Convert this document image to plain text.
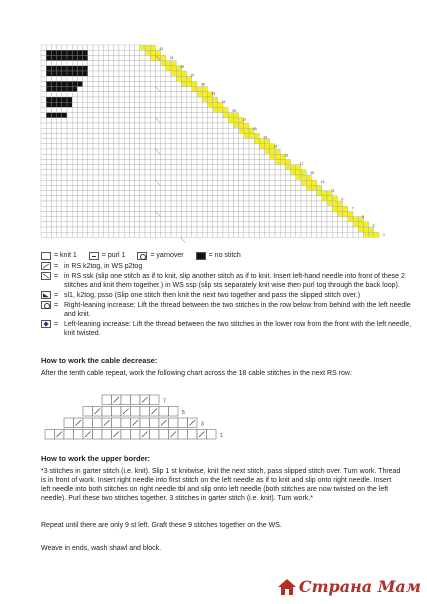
43
41
39
37
35
33
31
29
27
25
23
21
19
17
15
13
11
9
7
5
3
1
=
knit 1	=
purl 1	=
yarnover	=
no stitch
= in RS k2tog, in WS p2tog
= in RS ssk (slip one stitch as if to knit, slip another stitch as if to knit. Insert left-hand needle into front of these 2 stitches and knit them together.) in WS ssp (slip sts separately knit wise then purl tog through the back loop).
= sl1, k2tog, psso (Slip one stitch then knit the next two together and pass the slipped stitch over.)
= Right-leaning increase: Lift the thread between the two stitches in the row below from behind with the left needle and knit.
= Left-leaning increase: Lift the thread between the two stitches in the lower row from the front with the left needle, knit twisted.
How to work the cable decrease:
After the tenth cable repeat, work the following chart across the 18 cable stitches in the next RS row:
7
5
3
1
How to work the upper border:
*3 stitches in garter stitch (i.e. knit). Slip 1 st knitwise, knit the next stitch, pass slipped stitch over. Turn work. Thread is in front of work. Insert right needle into first stitch on the left needle as if to knit and slip onto right needle. Insert left needle into both stitches on right needle tbl and slip onto left needle (both stitches are now twisted on the left needle). Purl these two stitches together. 3 stitches in garter stitch (i.e. knit). Turn work.*
Repeat until there are only 9 st left. Graft these 9 stitches together on the WS.
Weave in ends, wash shawl and block.
Страна Мам
